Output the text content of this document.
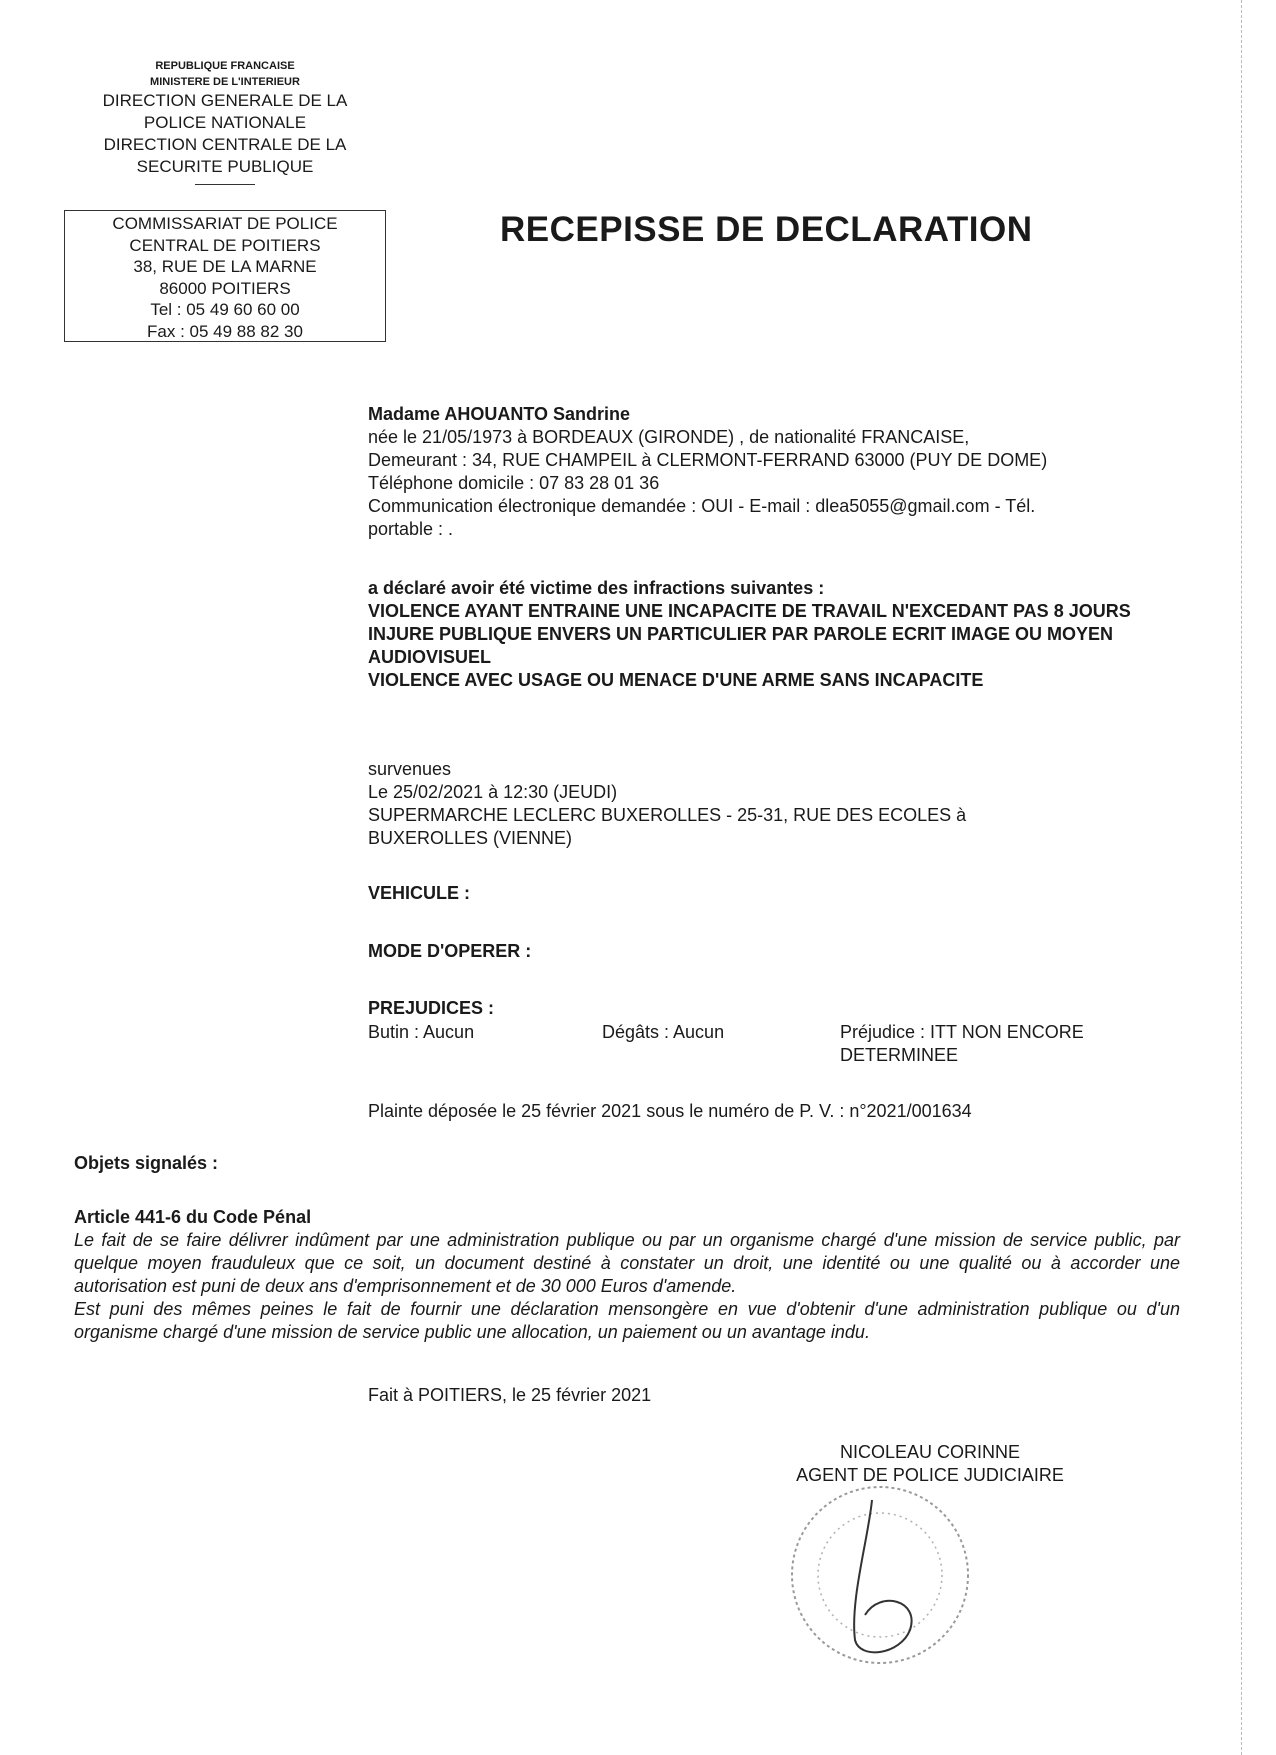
REPUBLIQUE FRANCAISE
MINISTERE DE L'INTERIEUR
DIRECTION GENERALE DE LA
POLICE NATIONALE
DIRECTION CENTRALE DE LA
SECURITE PUBLIQUE
COMMISSARIAT DE POLICE
CENTRAL DE POITIERS
38, RUE DE LA MARNE
86000 POITIERS
Tel : 05 49 60 60 00
Fax : 05 49 88 82 30
RECEPISSE DE DECLARATION
Madame AHOUANTO Sandrine
née le 21/05/1973 à BORDEAUX (GIRONDE) , de nationalité FRANCAISE,
Demeurant : 34, RUE CHAMPEIL à CLERMONT-FERRAND 63000 (PUY DE DOME)
Téléphone domicile : 07 83 28 01 36
Communication électronique demandée : OUI - E-mail : dlea5055@gmail.com - Tél.
portable : .
a déclaré avoir été victime des infractions suivantes :
VIOLENCE AYANT ENTRAINE UNE INCAPACITE DE TRAVAIL N'EXCEDANT PAS 8 JOURS
INJURE PUBLIQUE ENVERS UN PARTICULIER PAR PAROLE ECRIT IMAGE OU MOYEN AUDIOVISUEL
VIOLENCE AVEC USAGE OU MENACE D'UNE ARME SANS INCAPACITE
survenues
Le 25/02/2021 à 12:30 (JEUDI)
SUPERMARCHE LECLERC BUXEROLLES - 25-31, RUE DES ECOLES à BUXEROLLES (VIENNE)
VEHICULE :
MODE D'OPERER :
PREJUDICES :
Butin : Aucun	Dégâts : Aucun	Préjudice : ITT NON ENCORE DETERMINEE
Plainte déposée le 25 février 2021 sous le numéro de P. V. : n°2021/001634
Objets signalés :
Article 441-6 du Code Pénal
Le fait de se faire délivrer indûment par une administration publique ou par un organisme chargé d'une mission de service public, par quelque moyen frauduleux que ce soit, un document destiné à constater un droit, une identité ou une qualité ou à accorder une autorisation est puni de deux ans d'emprisonnement et de 30 000 Euros d'amende.
Est puni des mêmes peines le fait de fournir une déclaration mensongère en vue d'obtenir d'une administration publique ou d'un organisme chargé d'une mission de service public une allocation, un paiement ou un avantage indu.
Fait à POITIERS, le 25 février 2021
NICOLEAU CORINNE
AGENT DE POLICE JUDICIAIRE
